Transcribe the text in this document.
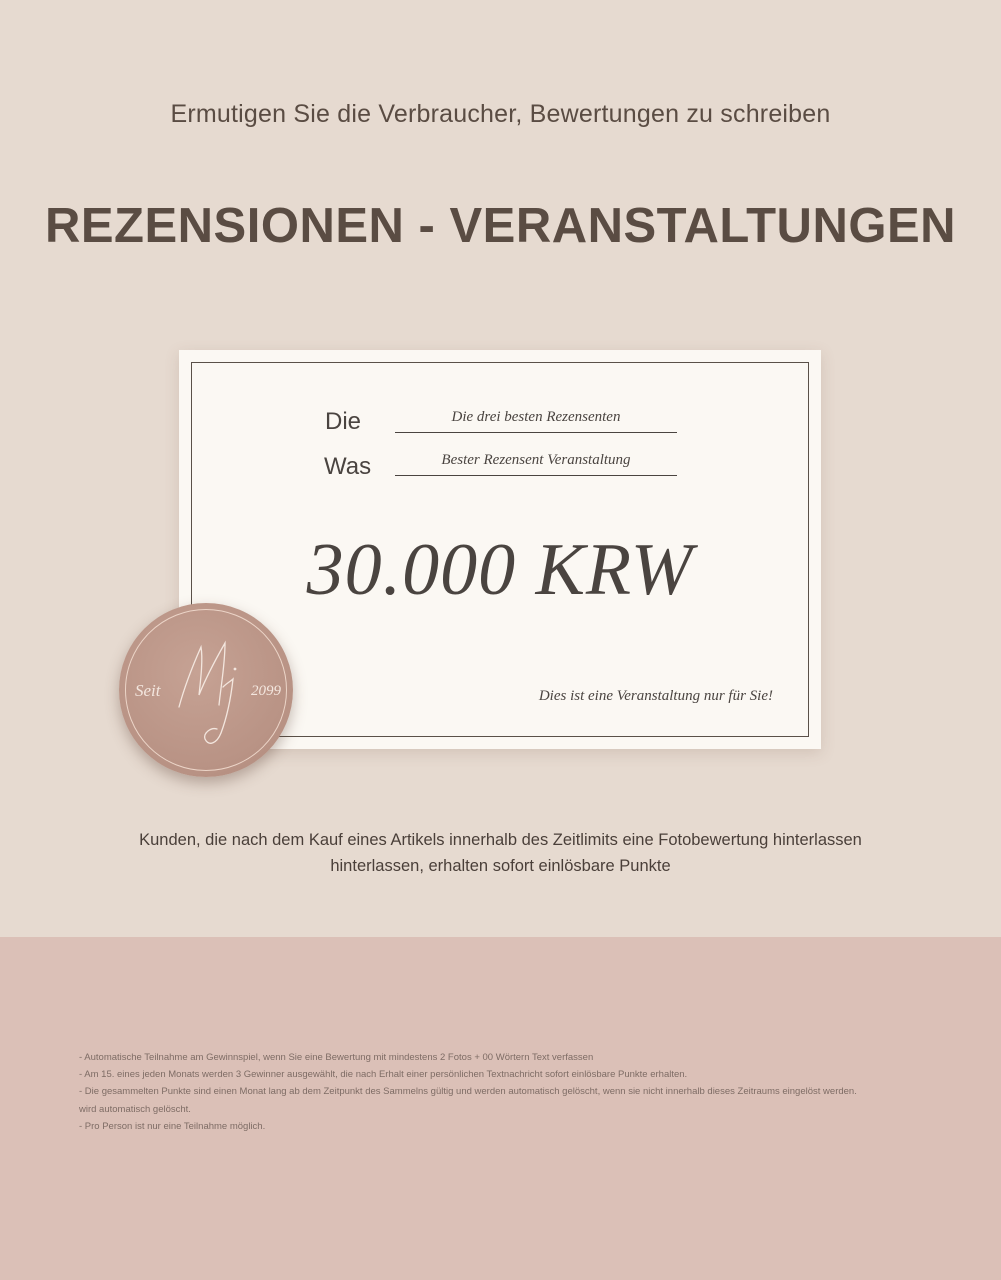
Ermutigen Sie die Verbraucher, Bewertungen zu schreiben
REZENSIONEN - VERANSTALTUNGEN
Die	Die drei besten Rezensenten
Was	Bester Rezensent Veranstaltung
30.000 KRW
Dies ist eine Veranstaltung nur für Sie!
Seit	2099
Kunden, die nach dem Kauf eines Artikels innerhalb des Zeitlimits eine Fotobewertung hinterlassen
hinterlassen, erhalten sofort einlösbare Punkte
- Automatische Teilnahme am Gewinnspiel, wenn Sie eine Bewertung mit mindestens 2 Fotos + 00 Wörtern Text verfassen
- Am 15. eines jeden Monats werden 3 Gewinner ausgewählt, die nach Erhalt einer persönlichen Textnachricht sofort einlösbare Punkte erhalten.
- Die gesammelten Punkte sind einen Monat lang ab dem Zeitpunkt des Sammelns gültig und werden automatisch gelöscht, wenn sie nicht innerhalb dieses Zeitraums eingelöst werden.
wird automatisch gelöscht.
- Pro Person ist nur eine Teilnahme möglich.
